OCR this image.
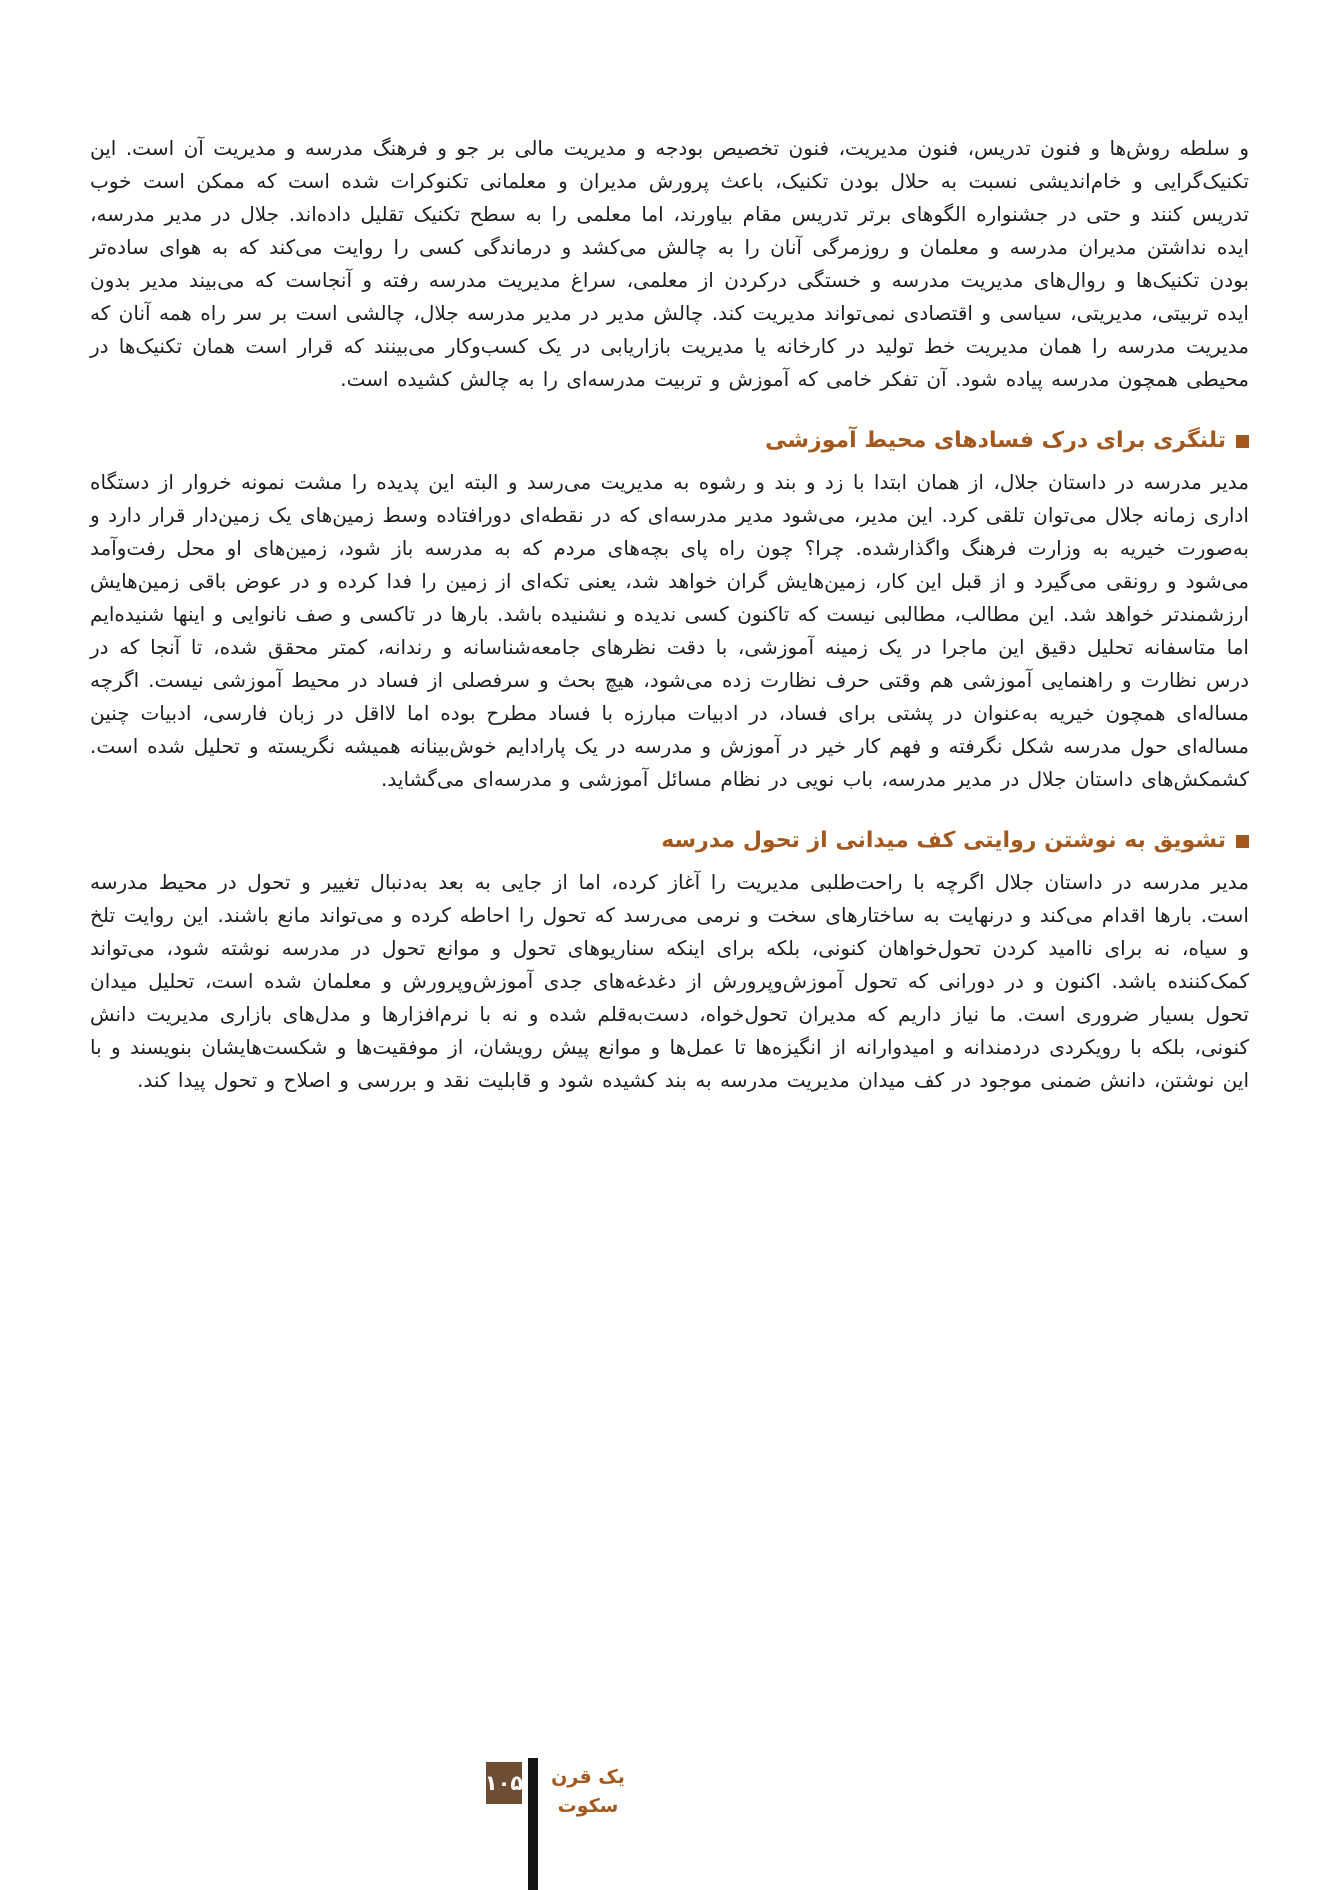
و سلطه روش‌ها و فنون تدریس، فنون مدیریت، فنون تخصیص بودجه و مدیریت مالی بر جو و فرهنگ مدرسه و مدیریت آن است. این تکنیک‌گرایی و خام‌اندیشی نسبت به حلال بودن تکنیک، باعث پرورش مدیران و معلمانی تکنوکرات شده است که ممکن است خوب تدریس کنند و حتی در جشنواره الگوهای برتر تدریس مقام بیاورند، اما معلمی را به سطح تکنیک تقلیل داده‌اند. جلال در مدیر مدرسه، ایده نداشتن مدیران مدرسه و معلمان و روزمرگی آنان را به چالش می‌کشد و درماندگی کسی را روایت می‌کند که به هوای ساده‌تر بودن تکنیک‌ها و روال‌های مدیریت مدرسه و خستگی درکردن از معلمی، سراغ مدیریت مدرسه رفته و آنجاست که می‌بیند مدیر بدون ایده تربیتی، مدیریتی، سیاسی و اقتصادی نمی‌تواند مدیریت کند. چالش مدیر در مدیر مدرسه جلال، چالشی است بر سر راه همه آنان که مدیریت مدرسه را همان مدیریت خط تولید در کارخانه یا مدیریت بازاریابی در یک کسب‌وکار می‌بینند که قرار است همان تکنیک‌ها در محیطی همچون مدرسه پیاده شود. آن تفکر خامی که آموزش و تربیت مدرسه‌ای را به چالش کشیده است.

تلنگری برای درک فسادهای محیط آموزشی

مدیر مدرسه در داستان جلال، از همان ابتدا با زد و بند و رشوه به مدیریت می‌رسد و البته این پدیده را مشت نمونه خروار از دستگاه اداری زمانه جلال می‌توان تلقی کرد. این مدیر، می‌شود مدیر مدرسه‌ای که در نقطه‌ای دورافتاده وسط زمین‌های یک زمین‌دار قرار دارد و به‌صورت خیریه به وزارت فرهنگ واگذارشده. چرا؟ چون راه پای بچه‌های مردم که به مدرسه باز شود، زمین‌های او محل رفت‌وآمد می‌شود و رونقی می‌گیرد و از قبل این کار، زمین‌هایش گران خواهد شد، یعنی تکه‌ای از زمین را فدا کرده و در عوض باقی زمین‌هایش ارزشمندتر خواهد شد. این مطالب، مطالبی نیست که تاکنون کسی ندیده و نشنیده باشد. بارها در تاکسی و صف نانوایی و اینها شنیده‌ایم اما متاسفانه تحلیل دقیق این ماجرا در یک زمینه آموزشی، با دقت نظرهای جامعه‌شناسانه و رندانه، کمتر محقق شده، تا آنجا که در درس نظارت و راهنمایی آموزشی هم وقتی حرف نظارت زده می‌شود، هیچ بحث و سرفصلی از فساد در محیط آموزشی نیست. اگرچه مساله‌ای همچون خیریه به‌عنوان در پشتی برای فساد، در ادبیات مبارزه با فساد مطرح بوده اما لااقل در زبان فارسی، ادبیات چنین مساله‌ای حول مدرسه شکل نگرفته و فهم کار خیر در آموزش و مدرسه در یک پارادایم خوش‌بینانه همیشه نگریسته و تحلیل شده است. کشمکش‌های داستان جلال در مدیر مدرسه، باب نویی در نظام مسائل آموزشی و مدرسه‌ای می‌گشاید.

تشویق به نوشتن روایتی کف میدانی از تحول مدرسه

مدیر مدرسه در داستان جلال اگرچه با راحت‌طلبی مدیریت را آغاز کرده، اما از جایی به بعد به‌دنبال تغییر و تحول در محیط مدرسه است. بارها اقدام می‌کند و درنهایت به ساختارهای سخت و نرمی می‌رسد که تحول را احاطه کرده و می‌تواند مانع باشند. این روایت تلخ و سیاه، نه برای ناامید کردن تحول‌خواهان کنونی، بلکه برای اینکه سناریوهای تحول و موانع تحول در مدرسه نوشته شود، می‌تواند کمک‌کننده باشد. اکنون و در دورانی که تحول آموزش‌وپرورش از دغدغه‌های جدی آموزش‌وپرورش و معلمان شده است، تحلیل میدان تحول بسیار ضروری است. ما نیاز داریم که مدیران تحول‌خواه، دست‌به‌قلم شده و نه با نرم‌افزارها و مدل‌های بازاری مدیریت دانش کنونی، بلکه با رویکردی دردمندانه و امیدوارانه از انگیزه‌ها تا عمل‌ها و موانع پیش رویشان، از موفقیت‌ها و شکست‌هایشان بنویسند و با این نوشتن، دانش ضمنی موجود در کف میدان مدیریت مدرسه به بند کشیده شود و قابلیت نقد و بررسی و اصلاح و تحول پیدا کند.

۱۰۵ یک قرن
سکوت
